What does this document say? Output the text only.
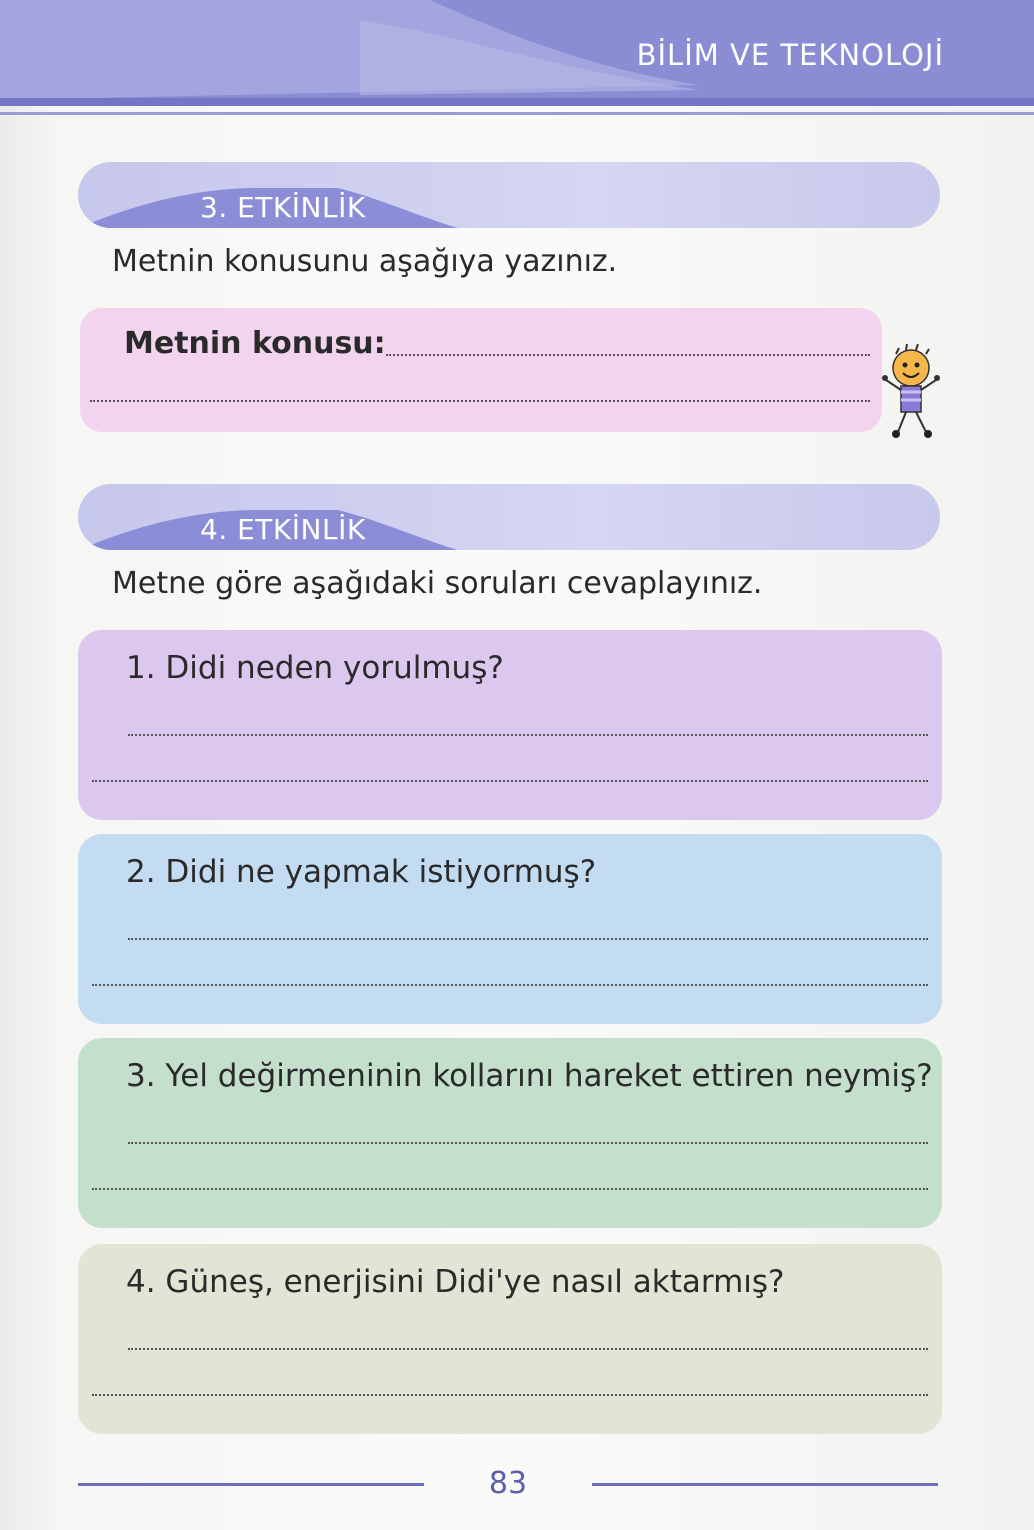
BİLİM VE TEKNOLOJİ
3. ETKİNLİK
Metnin konusunu aşağıya yazınız.
Metnin konusu:
4. ETKİNLİK
Metne göre aşağıdaki soruları cevaplayınız.
1. Didi neden yorulmuş?
2. Didi ne yapmak istiyormuş?
3. Yel değirmeninin kollarını hareket ettiren neymiş?
4. Güneş, enerjisini Didi'ye nasıl aktarmış?
83
